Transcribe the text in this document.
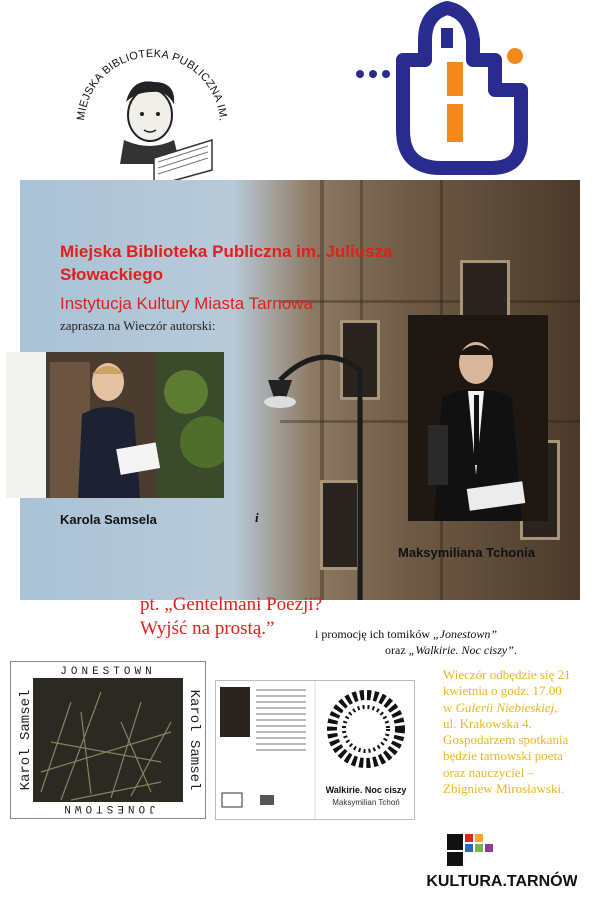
MIEJSKA BIBLIOTEKA PUBLICZNA IM.
Miejska Biblioteka Publiczna im. Juliusza Słowackiego
Instytucja Kultury Miasta Tarnowa
zaprasza na Wieczór autorski:
Karola Samsela	i
Maksymiliana Tchonia
pt. „Gentelmani Poezji?
Wyjść na prostą.”	i promocję ich tomików „Jonestown”
oraz „Walkirie. Noc ciszy”.
JONESTOWN
JONESTOWN
Karol Samsel	Karol Samsel	Walkirie. Noc ciszy
Maksymilian Tchoń
Wieczór odbędzie się 21
kwietnia o godz. 17.00
w Galerii Niebieskiej,
ul. Krakowska 4.
Gospodarzem spotkania
będzie tarnowski poeta
oraz nauczyciel –
Zbigniew Mirosławski.
KULTURA.TARNÓW
